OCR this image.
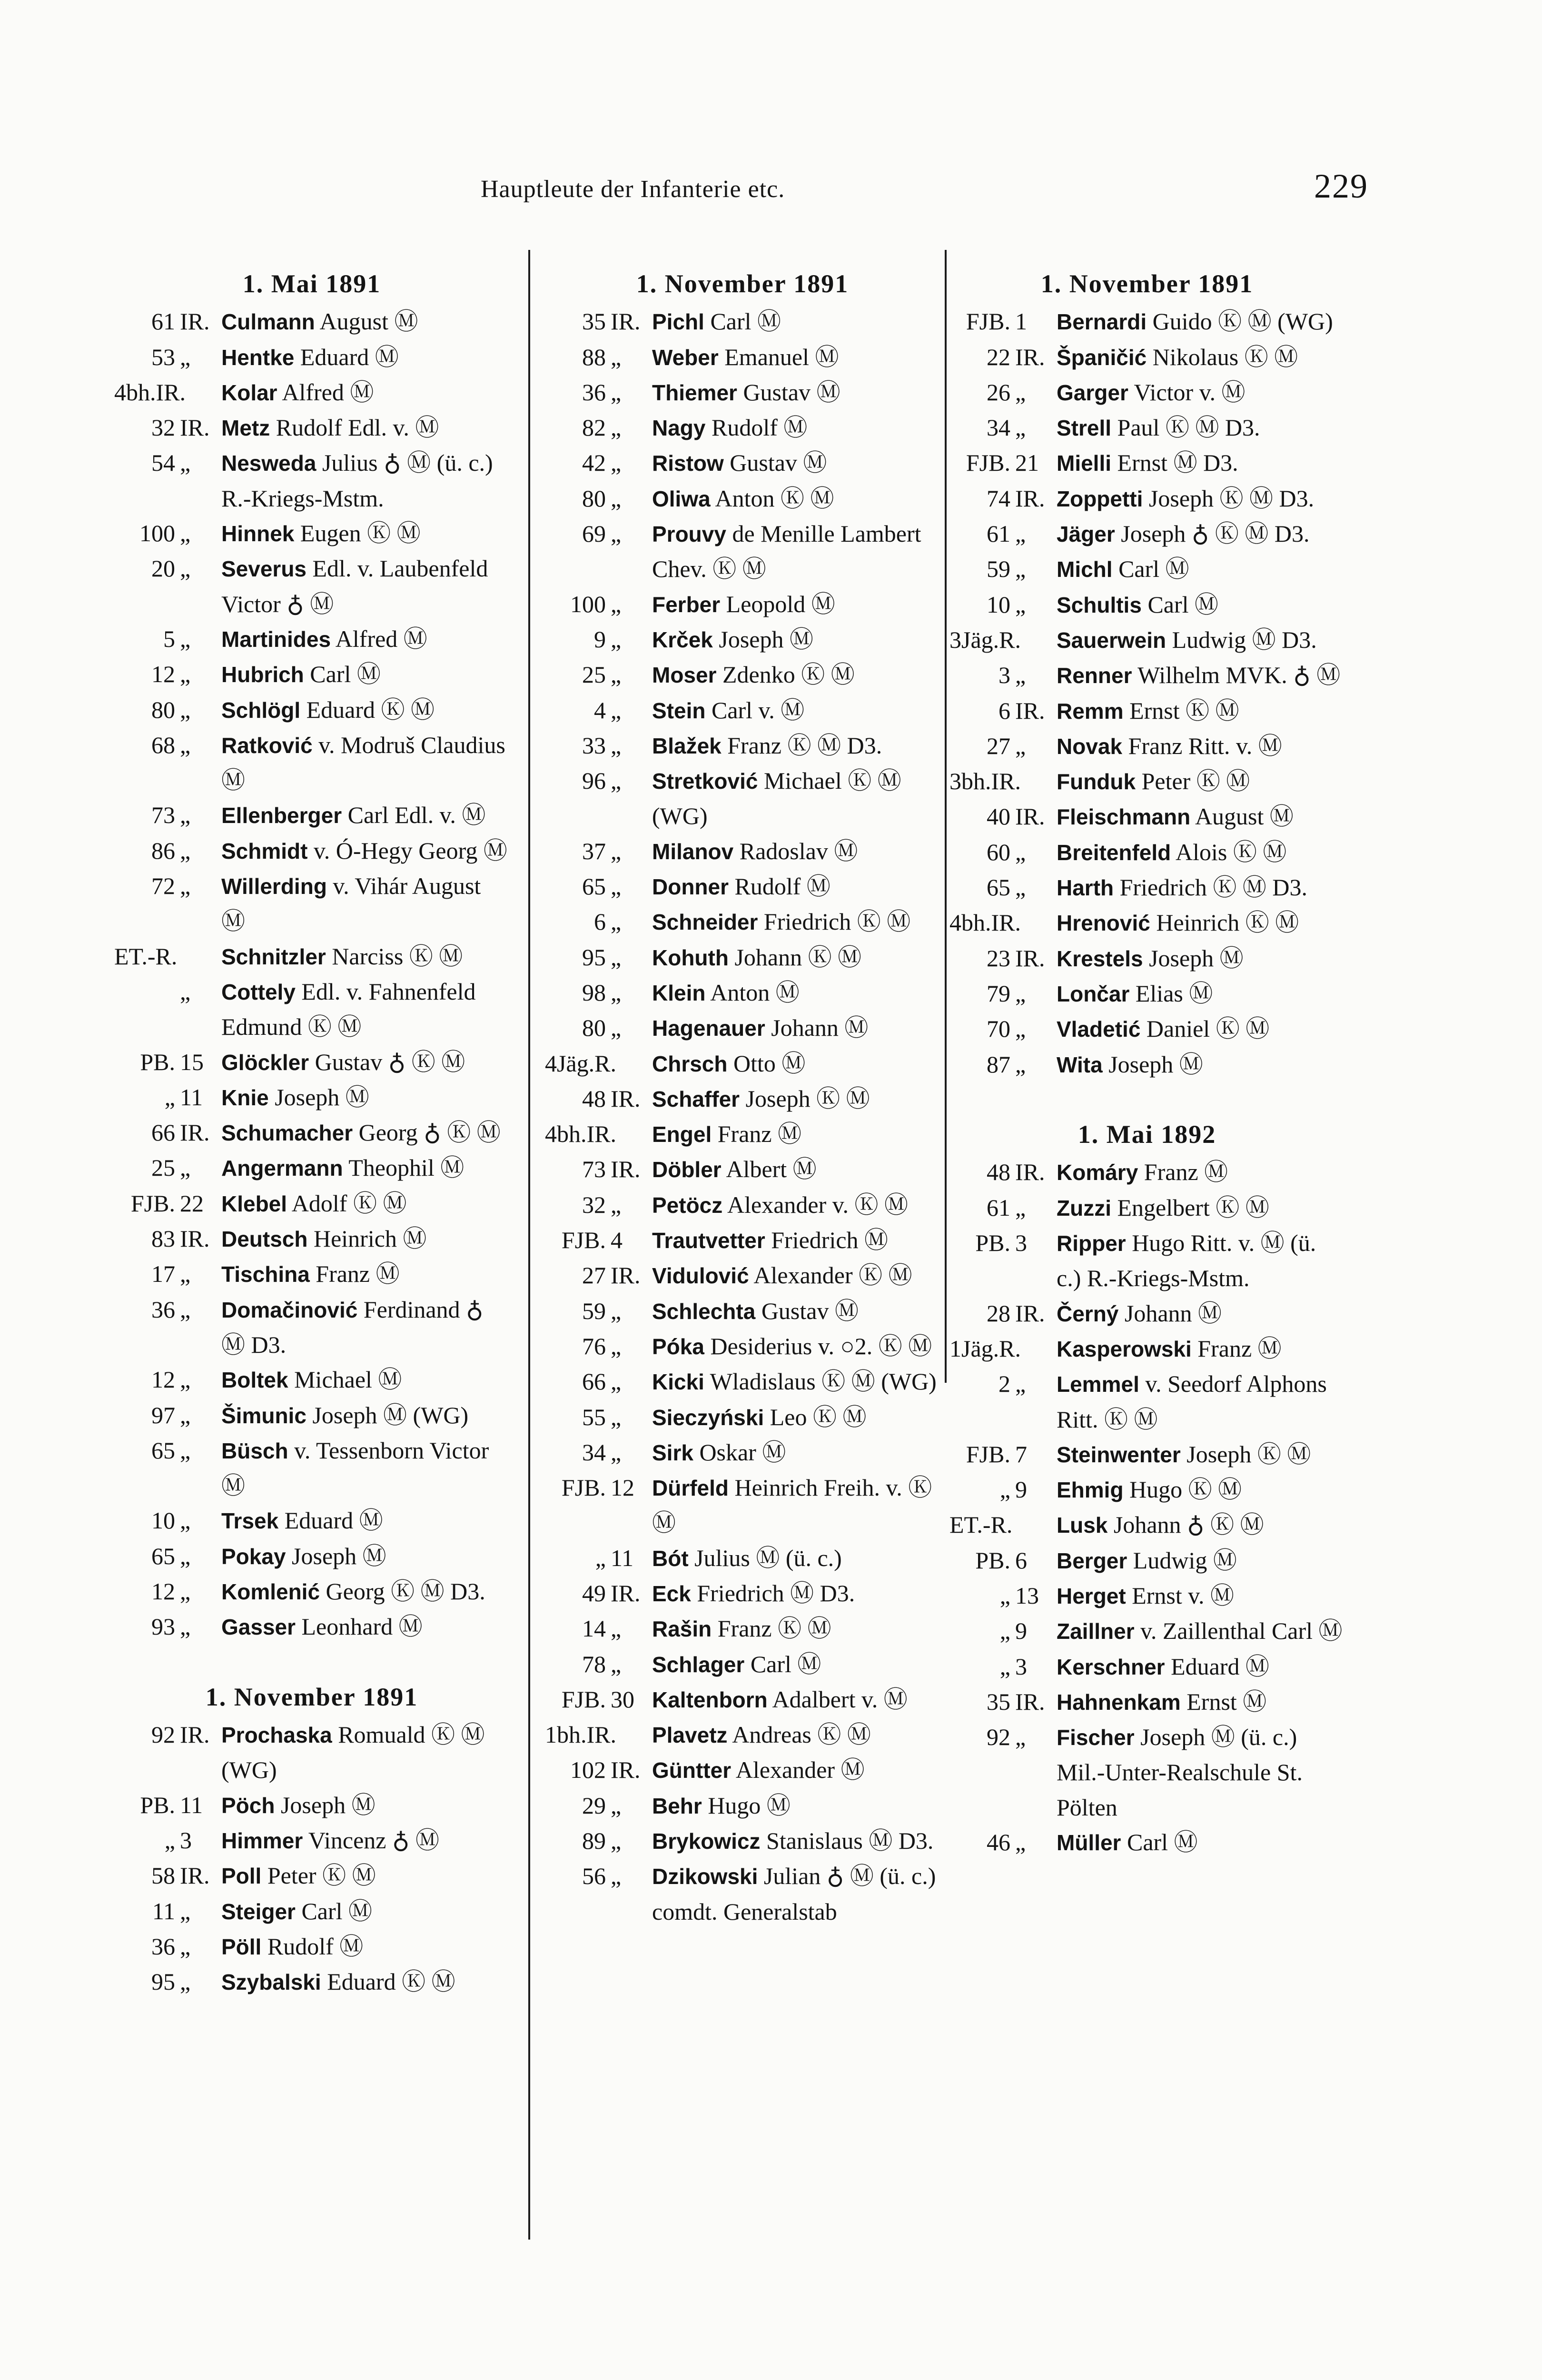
Hauptleute der Infanterie etc.	229
1. Mai 1891
61 IR. Culmann August Ⓜ
53 „	Hentke Eduard Ⓜ
4bh.IR.	Kolar Alfred Ⓜ
32 IR. Metz Rudolf Edl. v. Ⓜ
54 „	Nesweda Julius ♁ Ⓜ (ü. c.) R.-Kriegs-Mstm.
100 „	Hinnek Eugen Ⓚ Ⓜ
20 „	Severus Edl. v. Laubenfeld Victor ♁ Ⓜ
5 „	Martinides Alfred Ⓜ
12 „	Hubrich Carl Ⓜ
80 „	Schlögl Eduard Ⓚ Ⓜ
68 „	Ratković v. Modruš Claudius Ⓜ
73 „	Ellenberger Carl Edl. v. Ⓜ
86 „	Schmidt v. Ó-Hegy Georg Ⓜ
72 „	Willerding v. Vihár August Ⓜ
ET.-R.	Schnitzler Narciss Ⓚ Ⓜ
„	Cottely Edl. v. Fahnenfeld Edmund Ⓚ Ⓜ
PB. 15 Glöckler Gustav ♁ Ⓚ Ⓜ
„ 11 Knie Joseph Ⓜ
66 IR. Schumacher Georg ♁ Ⓚ Ⓜ
25 „	Angermann Theophil Ⓜ
FJB. 22 Klebel Adolf Ⓚ Ⓜ
83 IR. Deutsch Heinrich Ⓜ
17 „	Tischina Franz Ⓜ
36 „	Domačinović Ferdinand ♁ Ⓜ D3.
12 „	Boltek Michael Ⓜ
97 „	Šimunic Joseph Ⓜ (WG)
65 „	Büsch v. Tessenborn Victor Ⓜ
10 „	Trsek Eduard Ⓜ
65 „	Pokay Joseph Ⓜ
12 „	Komlenić Georg Ⓚ Ⓜ D3.
93 „	Gasser Leonhard Ⓜ
1. November 1891
92 IR. Prochaska Romuald Ⓚ Ⓜ (WG)
PB. 11 Pöch Joseph Ⓜ
„ 3	Himmer Vincenz ♁ Ⓜ
58 IR. Poll Peter Ⓚ Ⓜ
11 „	Steiger Carl Ⓜ
36 „	Pöll Rudolf Ⓜ
95 „	Szybalski Eduard Ⓚ Ⓜ
1. November 1891
35 IR. Pichl Carl Ⓜ
88 „	Weber Emanuel Ⓜ
36 „	Thiemer Gustav Ⓜ
82 „	Nagy Rudolf Ⓜ
42 „	Ristow Gustav Ⓜ
80 „	Oliwa Anton Ⓚ Ⓜ
69 „	Prouvy de Menille Lambert Chev. Ⓚ Ⓜ
100 „	Ferber Leopold Ⓜ
9 „	Krček Joseph Ⓜ
25 „	Moser Zdenko Ⓚ Ⓜ
4 „	Stein Carl v. Ⓜ
33 „	Blažek Franz Ⓚ Ⓜ D3.
96 „	Stretković Michael Ⓚ Ⓜ (WG)
37 „	Milanov Radoslav Ⓜ
65 „	Donner Rudolf Ⓜ
6 „	Schneider Friedrich Ⓚ Ⓜ
95 „	Kohuth Johann Ⓚ Ⓜ
98 „	Klein Anton Ⓜ
80 „	Hagenauer Johann Ⓜ
4Jäg.R.	Chrsch Otto Ⓜ
48 IR. Schaffer Joseph Ⓚ Ⓜ
4bh.IR.	Engel Franz Ⓜ
73 IR. Döbler Albert Ⓜ
32 „	Petöcz Alexander v. Ⓚ Ⓜ
FJB. 4	Trautvetter Friedrich Ⓜ
27 IR. Vidulović Alexander Ⓚ Ⓜ
59 „	Schlechta Gustav Ⓜ
76 „	Póka Desiderius v. ○2. Ⓚ Ⓜ
66 „	Kicki Wladislaus Ⓚ Ⓜ (WG)
55 „	Sieczyński Leo Ⓚ Ⓜ
34 „	Sirk Oskar Ⓜ
FJB. 12 Dürfeld Heinrich Freih. v. Ⓚ Ⓜ
„ 11 Bót Julius Ⓜ (ü. c.)
49 IR. Eck Friedrich Ⓜ D3.
14 „	Rašin Franz Ⓚ Ⓜ
78 „	Schlager Carl Ⓜ
FJB. 30 Kaltenborn Adalbert v. Ⓜ
1bh.IR.	Plavetz Andreas Ⓚ Ⓜ
102 IR. Güntter Alexander Ⓜ
29 „	Behr Hugo Ⓜ
89 „	Brykowicz Stanislaus Ⓜ D3.
56 „	Dzikowski Julian ♁ Ⓜ (ü. c.) comdt. Generalstab
1. November 1891
FJB. 1	Bernardi Guido Ⓚ Ⓜ (WG)
22 IR. Španičić Nikolaus Ⓚ Ⓜ
26 „	Garger Victor v. Ⓜ
34 „	Strell Paul Ⓚ Ⓜ D3.
FJB. 21 Mielli Ernst Ⓜ D3.
74 IR. Zoppetti Joseph Ⓚ Ⓜ D3.
61 „	Jäger Joseph ♁ Ⓚ Ⓜ D3.
59 „	Michl Carl Ⓜ
10 „	Schultis Carl Ⓜ
3Jäg.R.	Sauerwein Ludwig Ⓜ D3.
3 „	Renner Wilhelm MVK. ♁ Ⓜ
6 IR. Remm Ernst Ⓚ Ⓜ
27 „	Novak Franz Ritt. v. Ⓜ
3bh.IR.	Funduk Peter Ⓚ Ⓜ
40 IR. Fleischmann August Ⓜ
60 „	Breitenfeld Alois Ⓚ Ⓜ
65 „	Harth Friedrich Ⓚ Ⓜ D3.
4bh.IR.	Hrenović Heinrich Ⓚ Ⓜ
23 IR. Krestels Joseph Ⓜ
79 „	Lončar Elias Ⓜ
70 „	Vladetić Daniel Ⓚ Ⓜ
87 „	Wita Joseph Ⓜ
1. Mai 1892
48 IR. Komáry Franz Ⓜ
61 „	Zuzzi Engelbert Ⓚ Ⓜ
PB. 3	Ripper Hugo Ritt. v. Ⓜ (ü. c.) R.-Kriegs-Mstm.
28 IR. Černý Johann Ⓜ
1Jäg.R.	Kasperowski Franz Ⓜ
2 „	Lemmel v. Seedorf Alphons Ritt. Ⓚ Ⓜ
FJB. 7	Steinwenter Joseph Ⓚ Ⓜ
„ 9	Ehmig Hugo Ⓚ Ⓜ
ET.-R.	Lusk Johann ♁ Ⓚ Ⓜ
PB. 6	Berger Ludwig Ⓜ
„ 13 Herget Ernst v. Ⓜ
„ 9	Zaillner v. Zaillenthal Carl Ⓜ
„ 3	Kerschner Eduard Ⓜ
35 IR. Hahnenkam Ernst Ⓜ
92 „	Fischer Joseph Ⓜ (ü. c.) Mil.-Unter-Realschule St. Pölten
46 „	Müller Carl Ⓜ
